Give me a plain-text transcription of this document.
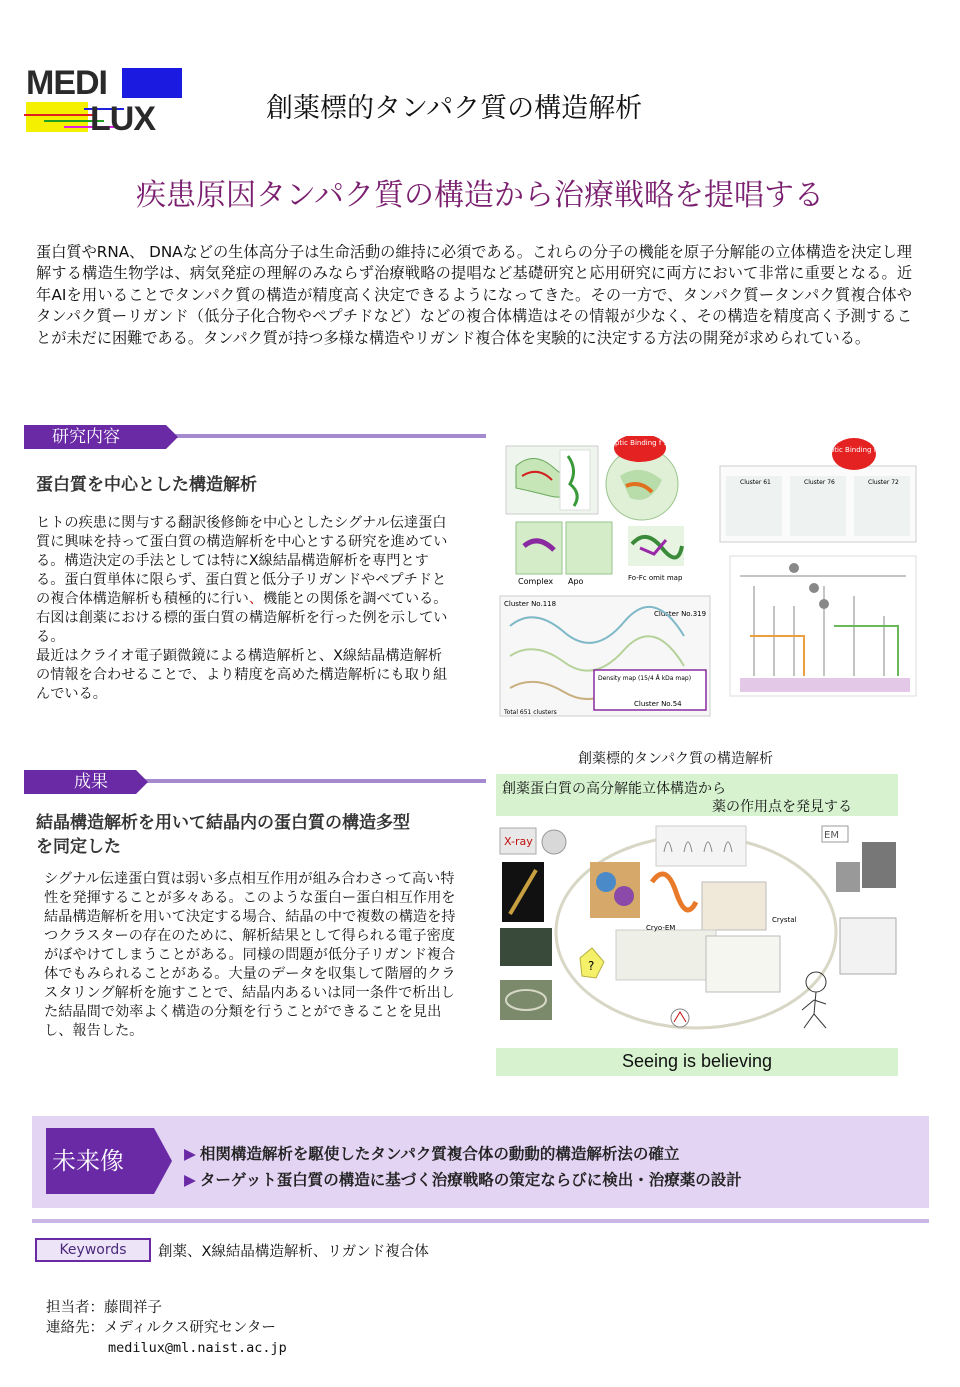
MEDI
LUX	創薬標的タンパク質の構造解析
疾患原因タンパク質の構造から治療戦略を提唱する
蛋白質やRNA、 DNAなどの生体高分子は生命活動の維持に必須である。これらの分子の機能を原子分解能の立体構造を決定し理解する構造生物学は、病気発症の理解のみならず治療戦略の提唱など基礎研究と応用研究に両方において非常に重要となる。近年AIを用いることでタンパク質の構造が精度高く決定できるようになってきた。その一方で、タンパク質ータンパク質複合体やタンパク質ーリガンド（低分子化合物やペプチドなど）などの複合体構造はその情報が少なく、その構造を精度高く予測することが未だに困難である。タンパク質が持つ多様な構造やリガンド複合体を実験的に決定する方法の開発が求められている。
研究内容
蛋白質を中心とした構造解析
ヒトの疾患に関与する翻訳後修飾を中心としたシグナル伝達蛋白質に興味を持って蛋白質の構造解析を中心とする研究を進めている。構造決定の手法としては特にX線結晶構造解析を専門とする。蛋白質単体に限らず、蛋白質と低分子リガンドやペプチドとの複合体構造解析も積極的に行い、機能との関係を調べている。
右図は創薬における標的蛋白質の構造解析を行った例を示している。
最近はクライオ電子顕微鏡による構造解析と、X線結晶構造解析の情報を合わせることで、より精度を高めた構造解析にも取り組んでいる。
Cryptic Binding f Site
Complex Apo	Fo-Fc omit map
Cluster No.118
Cluster No.319
Density map (15/4 Å kDa map)
Cluster No.54
Total 651 clusters
Cluster 61	Cluster 76	Cluster 72
Cryptic Binding form
創薬標的タンパク質の構造解析
成果
結晶構造解析を用いて結晶内の蛋白質の構造多型
を同定した
シグナル伝達蛋白質は弱い多点相互作用が組み合わさって高い特性を発揮することが多々ある。このような蛋白ー蛋白相互作用を結晶構造解析を用いて決定する場合、結晶の中で複数の構造を持つクラスターの存在のために、解析結果として得られる電子密度がぼやけてしまうことがある。同様の問題が低分子リガンド複合体でもみられることがある。大量のデータを収集して階層的クラスタリング解析を施すことで、結晶内あるいは同一条件で析出した結晶間で効率よく構造の分類を行うことができることを見出し、報告した。
創薬蛋白質の高分解能立体構造から
薬の作用点を発見する
X-ray
?
EM
Cryo-EM
Crystal
Seeing is believing
未来像	▶ 相関構造解析を駆使したタンパク質複合体の動動的構造解析法の確立
▶ ターゲット蛋白質の構造に基づく治療戦略の策定ならびに検出・治療薬の設計
Keywords	創薬、X線結晶構造解析、リガンド複合体
担当者：藤間祥子
連絡先：メディルクス研究センター
medilux@ml.naist.ac.jp
